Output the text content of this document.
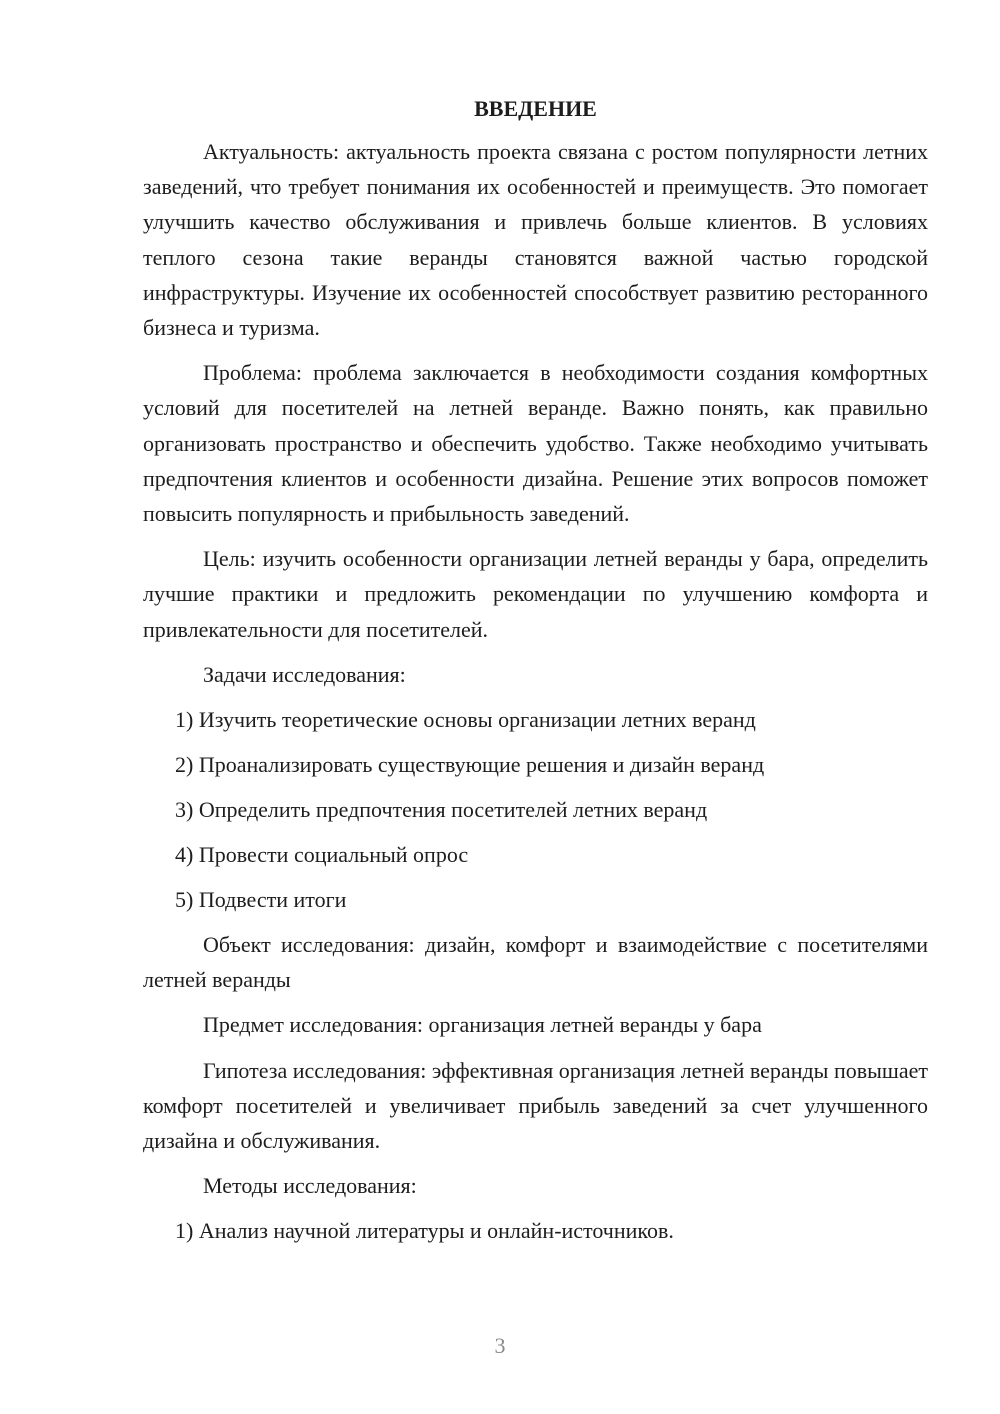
ВВЕДЕНИЕ

Актуальность: актуальность проекта связана с ростом популярности летних заведений, что требует понимания их особенностей и преимуществ. Это помогает улучшить качество обслуживания и привлечь больше клиентов. В условиях теплого сезона такие веранды становятся важной частью городской инфраструктуры. Изучение их особенностей способствует развитию ресторанного бизнеса и туризма.

Проблема: проблема заключается в необходимости создания комфортных условий для посетителей на летней веранде. Важно понять, как правильно организовать пространство и обеспечить удобство. Также необходимо учитывать предпочтения клиентов и особенности дизайна. Решение этих вопросов поможет повысить популярность и прибыльность заведений.

Цель: изучить особенности организации летней веранды у бара, определить лучшие практики и предложить рекомендации по улучшению комфорта и привлекательности для посетителей.

Задачи исследования:

1) Изучить теоретические основы организации летних веранд

2) Проанализировать существующие решения и дизайн веранд

3) Определить предпочтения посетителей летних веранд

4) Провести социальный опрос

5) Подвести итоги

Объект исследования: дизайн, комфорт и взаимодействие с посетителями летней веранды

Предмет исследования: организация летней веранды у бара

Гипотеза исследования: эффективная организация летней веранды повышает комфорт посетителей и увеличивает прибыль заведений за счет улучшенного дизайна и обслуживания.

Методы исследования:

1) Анализ научной литературы и онлайн-источников.

3
